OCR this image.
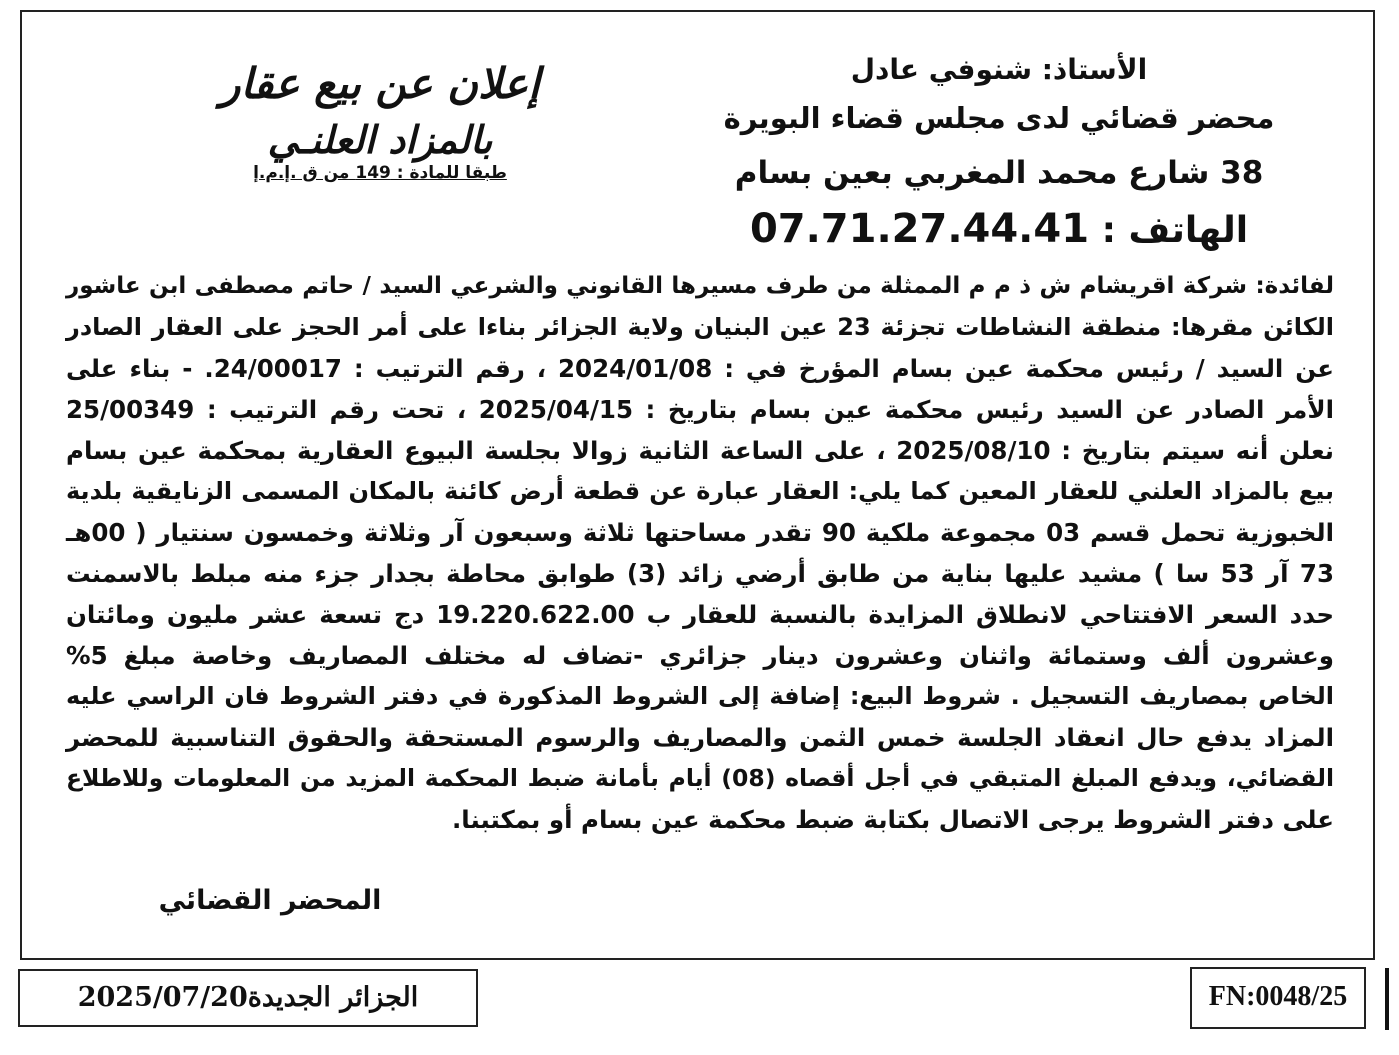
الأستاذ: شنوفي عادل
محضر قضائي لدى مجلس قضاء البويرة
38 شارع محمد المغربي بعين بسام
الهاتف : 07.71.27.44.41
إعلان عن بيع عقار
بالمزاد العلنـي
طبقا للمادة : 149 من ق .إ.م.إ
لفائدة: شركة اقريشام ش ذ م م الممثلة من طرف مسيرها القانوني والشرعي السيد / حاتم مصطفى ابن عاشور
الكائن مقرها: منطقة النشاطات تجزئة 23 عين البنيان ولاية الجزائر بناءا على أمر الحجز على العقار الصادر
عن السيد / رئيس محكمة عين بسام المؤرخ في : 2024/01/08 ، رقم الترتيب : 24/00017. - بناء على
الأمر الصادر عن السيد رئيس محكمة عين بسام بتاريخ : 2025/04/15 ، تحت رقم الترتيب : 25/00349
نعلن أنه سيتم بتاريخ : 2025/08/10 ، على الساعة الثانية زوالا بجلسة البيوع العقارية بمحكمة عين بسام
بيع بالمزاد العلني للعقار المعين كما يلي: العقار عبارة عن قطعة أرض كائنة بالمكان المسمى الزنايقية بلدية
الخبوزية تحمل قسم 03 مجموعة ملكية 90 تقدر مساحتها ثلاثة وسبعون آر وثلاثة وخمسون سنتيار ( 00هـ
73 آر 53 سا ) مشيد عليها بناية من طابق أرضي زائد (3) طوابق محاطة بجدار جزء منه مبلط بالاسمنت
حدد السعر الافتتاحي لانطلاق المزايدة بالنسبة للعقار ب 19.220.622.00 دج تسعة عشر مليون ومائتان
وعشرون ألف وستمائة واثنان وعشرون دينار جزائري -تضاف له مختلف المصاريف وخاصة مبلغ 5%
الخاص بمصاريف التسجيل . شروط البيع: إضافة إلى الشروط المذكورة في دفتر الشروط فان الراسي عليه
المزاد يدفع حال انعقاد الجلسة خمس الثمن والمصاريف والرسوم المستحقة والحقوق التناسبية للمحضر
القضائي، ويدفع المبلغ المتبقي في أجل أقصاه (08) أيام بأمانة ضبط المحكمة المزيد من المعلومات وللاطلاع
على دفتر الشروط يرجى الاتصال بكتابة ضبط محكمة عين بسام أو بمكتبنا.
المحضر القضائي
الجزائر الجديدة2025/07/20	FN:0048/25
